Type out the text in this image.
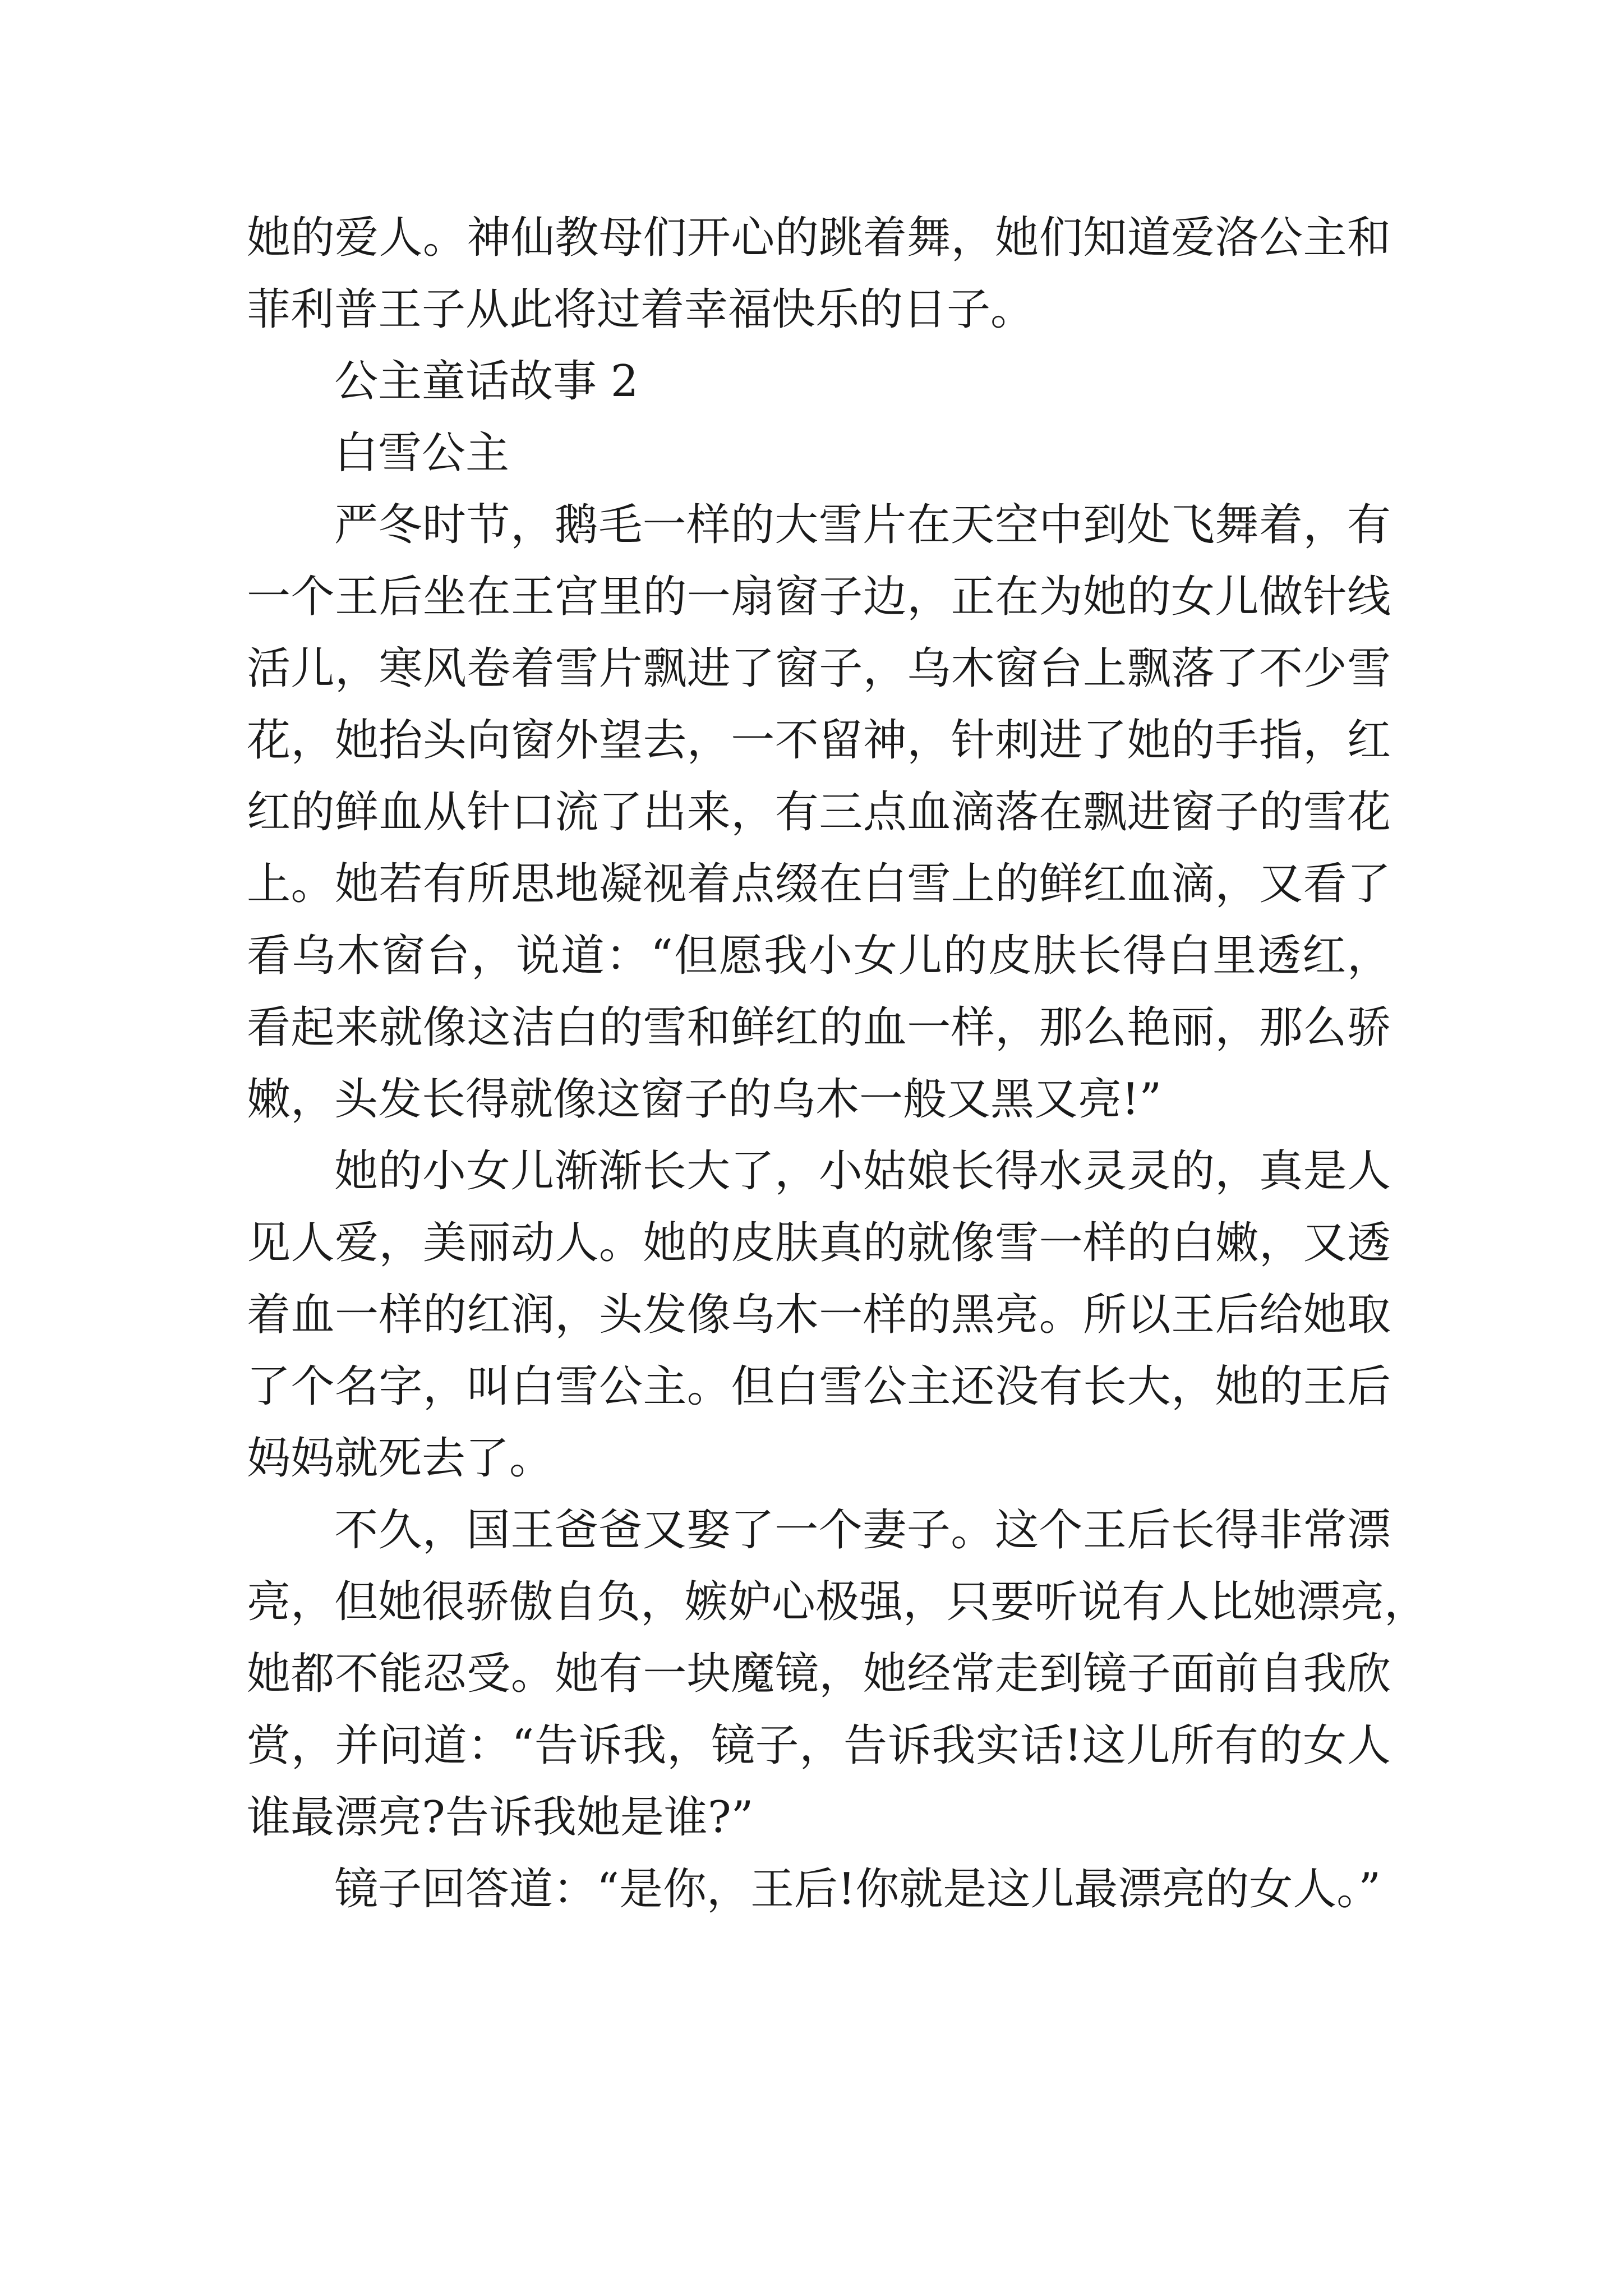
她的爱人。神仙教母们开心的跳着舞，她们知道爱洛公主和
菲利普王子从此将过着幸福快乐的日子。
公主童话故事 2
白雪公主
严冬时节，鹅毛一样的大雪片在天空中到处飞舞着，有
一个王后坐在王宫里的一扇窗子边，正在为她的女儿做针线
活儿，寒风卷着雪片飘进了窗子，乌木窗台上飘落了不少雪
花，她抬头向窗外望去，一不留神，针刺进了她的手指，红
红的鲜血从针口流了出来，有三点血滴落在飘进窗子的雪花
上。她若有所思地凝视着点缀在白雪上的鲜红血滴，又看了
看乌木窗台，说道：“但愿我小女儿的皮肤长得白里透红，
看起来就像这洁白的雪和鲜红的血一样，那么艳丽，那么骄
嫩，头发长得就像这窗子的乌木一般又黑又亮!”
她的小女儿渐渐长大了，小姑娘长得水灵灵的，真是人
见人爱，美丽动人。她的皮肤真的就像雪一样的白嫩，又透
着血一样的红润，头发像乌木一样的黑亮。所以王后给她取
了个名字，叫白雪公主。但白雪公主还没有长大，她的王后
妈妈就死去了。
不久，国王爸爸又娶了一个妻子。这个王后长得非常漂
亮，但她很骄傲自负，嫉妒心极强，只要听说有人比她漂亮，
她都不能忍受。她有一块魔镜，她经常走到镜子面前自我欣
赏，并问道：“告诉我，镜子，告诉我实话!这儿所有的女人
谁最漂亮?告诉我她是谁?”
镜子回答道：“是你，王后!你就是这儿最漂亮的女人。”
